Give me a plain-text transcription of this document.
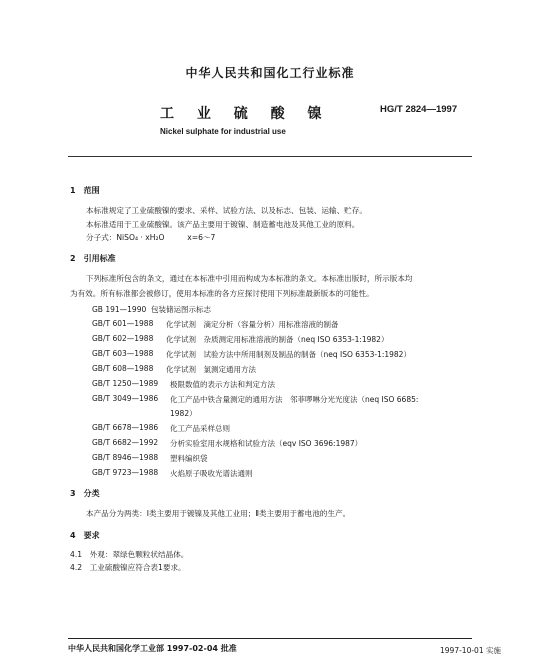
中华人民共和国化工行业标准
工 业 硫 酸 镍	HG/T 2824—1997
Nickel sulphate for industrial use
1　范围
本标准规定了工业硫酸镍的要求、采样、试验方法、以及标志、包装、运输、贮存。
本标准适用于工业硫酸镍。该产品主要用于镀镍、制造蓄电池及其他工业的原料。
分子式：NiSO₄ · xH₂O　　　x=6～7
2　引用标准
下列标准所包含的条文，通过在本标准中引用而构成为本标准的条文。本标准出版时，所示版本均
为有效。所有标准都会被修订，使用本标准的各方应探讨使用下列标准最新版本的可能性。
GB 191—1990 包装储运图示标志
GB/T 601—1988 化学试剂　滴定分析（容量分析）用标准溶液的制备
GB/T 602—1988 化学试剂　杂质测定用标准溶液的制备（neq ISO 6353-1:1982）
GB/T 603—1988 化学试剂　试验方法中所用制剂及制品的制备（neq ISO 6353-1:1982）
GB/T 608—1988 化学试剂　氯测定通用方法
GB/T 1250—1989 极限数值的表示方法和判定方法
GB/T 3049—1986 化工产品中铁含量测定的通用方法　邻菲啰啉分光光度法（neq ISO 6685:
1982）
GB/T 6678—1986 化工产品采样总则
GB/T 6682—1992 分析实验室用水规格和试验方法（eqv ISO 3696:1987）
GB/T 8946—1988 塑料编织袋
GB/T 9723—1988 火焰原子吸收光谱法通则
3　分类
本产品分为两类：Ⅰ类主要用于镀镍及其他工业用；Ⅱ类主要用于蓄电池的生产。
4　要求
4.1　外观：翠绿色颗粒状结晶体。
4.2　工业硫酸镍应符合表1要求。
中华人民共和国化学工业部 1997-02-04 批准	1997-10-01 实施
